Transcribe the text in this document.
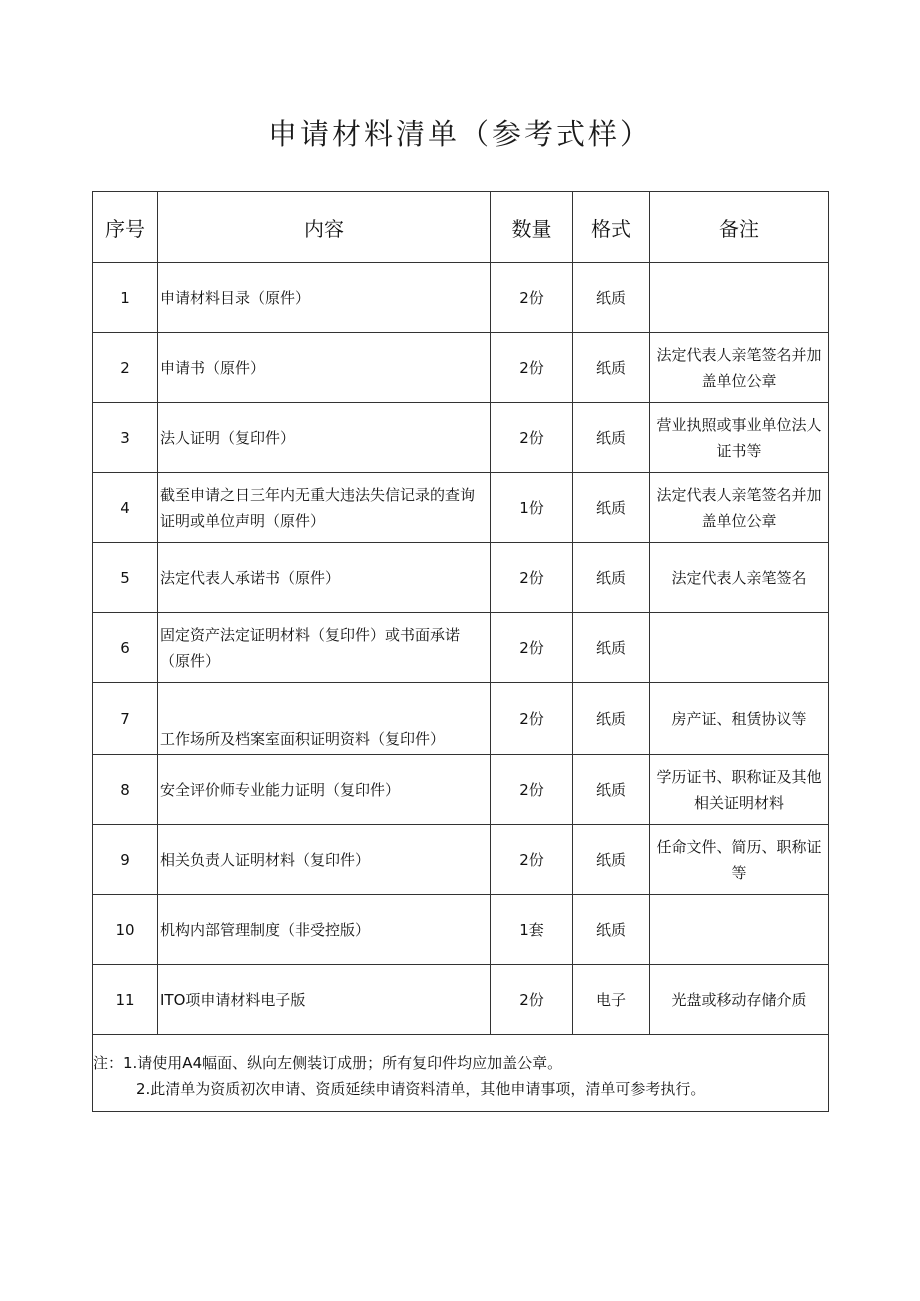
申请材料清单（参考式样）
序号	内容	数量	格式	备注
1	申请材料目录（原件）	2份	纸质	
2	申请书（原件）	2份	纸质	法定代表人亲笔签名并加盖单位公章
3	法人证明（复印件）	2份	纸质	营业执照或事业单位法人证书等
4	截至申请之日三年内无重大违法失信记录的查询证明或单位声明（原件）	1份	纸质	法定代表人亲笔签名并加盖单位公章
5	法定代表人承诺书（原件）	2份	纸质	法定代表人亲笔签名
6	固定资产法定证明材料（复印件）或书面承诺（原件）	2份	纸质	
7	工作场所及档案室面积证明资料（复印件）	2份	纸质	房产证、租赁协议等
8	安全评价师专业能力证明（复印件）	2份	纸质	学历证书、职称证及其他相关证明材料
9	相关负责人证明材料（复印件）	2份	纸质	任命文件、简历、职称证等
10	机构内部管理制度（非受控版）	1套	纸质	
11	ITO项申请材料电子版	2份	电子	光盘或移动存储介质

注：1.请使用A4幅面、纵向左侧装订成册；所有复印件均应加盖公章。
2.此清单为资质初次申请、资质延续申请资料清单，其他申请事项，清单可参考执行。				
